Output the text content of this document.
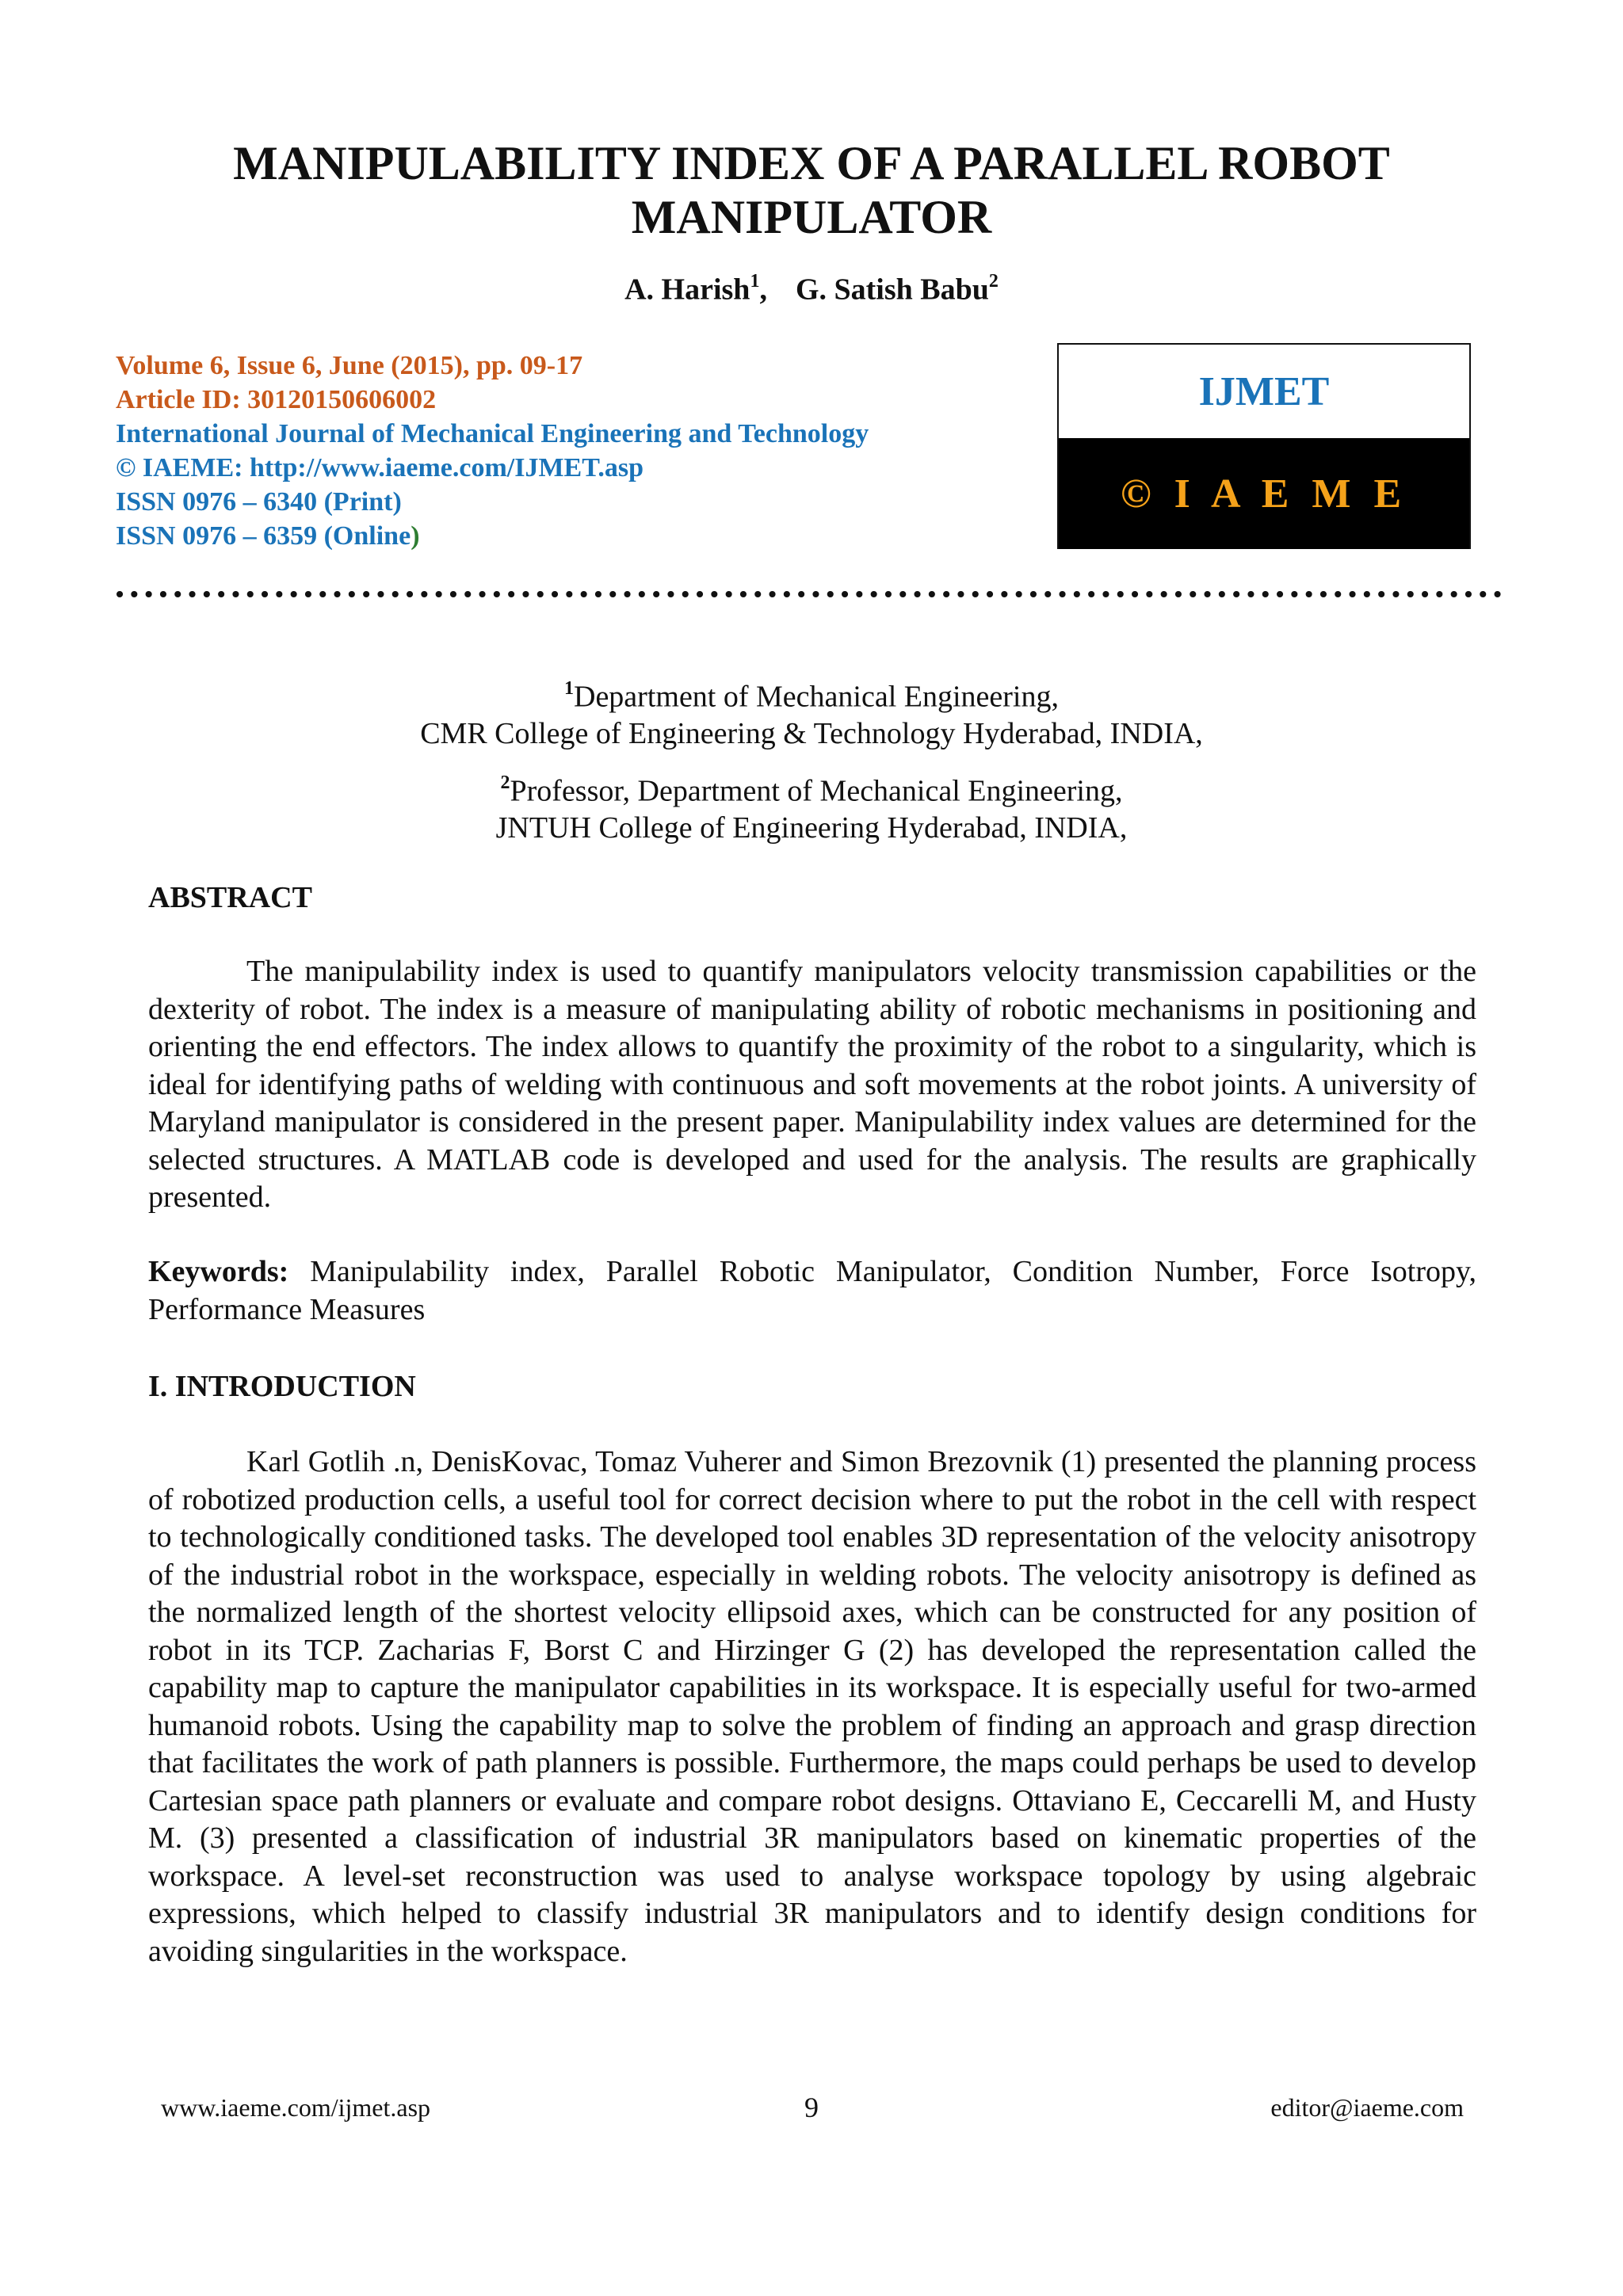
MANIPULABILITY INDEX OF A PARALLEL ROBOT MANIPULATOR
A. Harish$^1$, G. Satish Babu$^2$
Volume 6, Issue 6, June (2015), pp. 09-17
Article ID: 30120150606002
International Journal of Mechanical Engineering and Technology
© IAEME: http://www.iaeme.com/IJMET.asp
ISSN 0976 – 6340 (Print)
ISSN 0976 – 6359 (Online)
IJMET
© I A E M E
$^1$Department of Mechanical Engineering,
CMR College of Engineering & Technology Hyderabad, INDIA,
$^2$Professor, Department of Mechanical Engineering,
JNTUH College of Engineering Hyderabad, INDIA,
ABSTRACT
The manipulability index is used to quantify manipulators velocity transmission capabilities or the dexterity of robot. The index is a measure of manipulating ability of robotic mechanisms in positioning and orienting the end effectors. The index allows to quantify the proximity of the robot to a singularity, which is ideal for identifying paths of welding with continuous and soft movements at the robot joints. A university of Maryland manipulator is considered in the present paper. Manipulability index values are determined for the selected structures. A MATLAB code is developed and used for the analysis. The results are graphically presented.
Keywords: Manipulability index, Parallel Robotic Manipulator, Condition Number, Force Isotropy, Performance Measures
I. INTRODUCTION
Karl Gotlih .n, DenisKovac, Tomaz Vuherer and Simon Brezovnik (1) presented the planning process of robotized production cells, a useful tool for correct decision where to put the robot in the cell with respect to technologically conditioned tasks. The developed tool enables 3D representation of the velocity anisotropy of the industrial robot in the workspace, especially in welding robots. The velocity anisotropy is defined as the normalized length of the shortest velocity ellipsoid axes, which can be constructed for any position of robot in its TCP. Zacharias F, Borst C and Hirzinger G (2) has developed the representation called the capability map to capture the manipulator capabilities in its workspace. It is especially useful for two-armed humanoid robots. Using the capability map to solve the problem of finding an approach and grasp direction that facilitates the work of path planners is possible. Furthermore, the maps could perhaps be used to develop Cartesian space path planners or evaluate and compare robot designs. Ottaviano E, Ceccarelli M, and Husty M. (3) presented a classification of industrial 3R manipulators based on kinematic properties of the workspace. A level-set reconstruction was used to analyse workspace topology by using algebraic expressions, which helped to classify industrial 3R manipulators and to identify design conditions for avoiding singularities in the workspace.
www.iaeme.com/ijmet.asp	9	editor@iaeme.com
